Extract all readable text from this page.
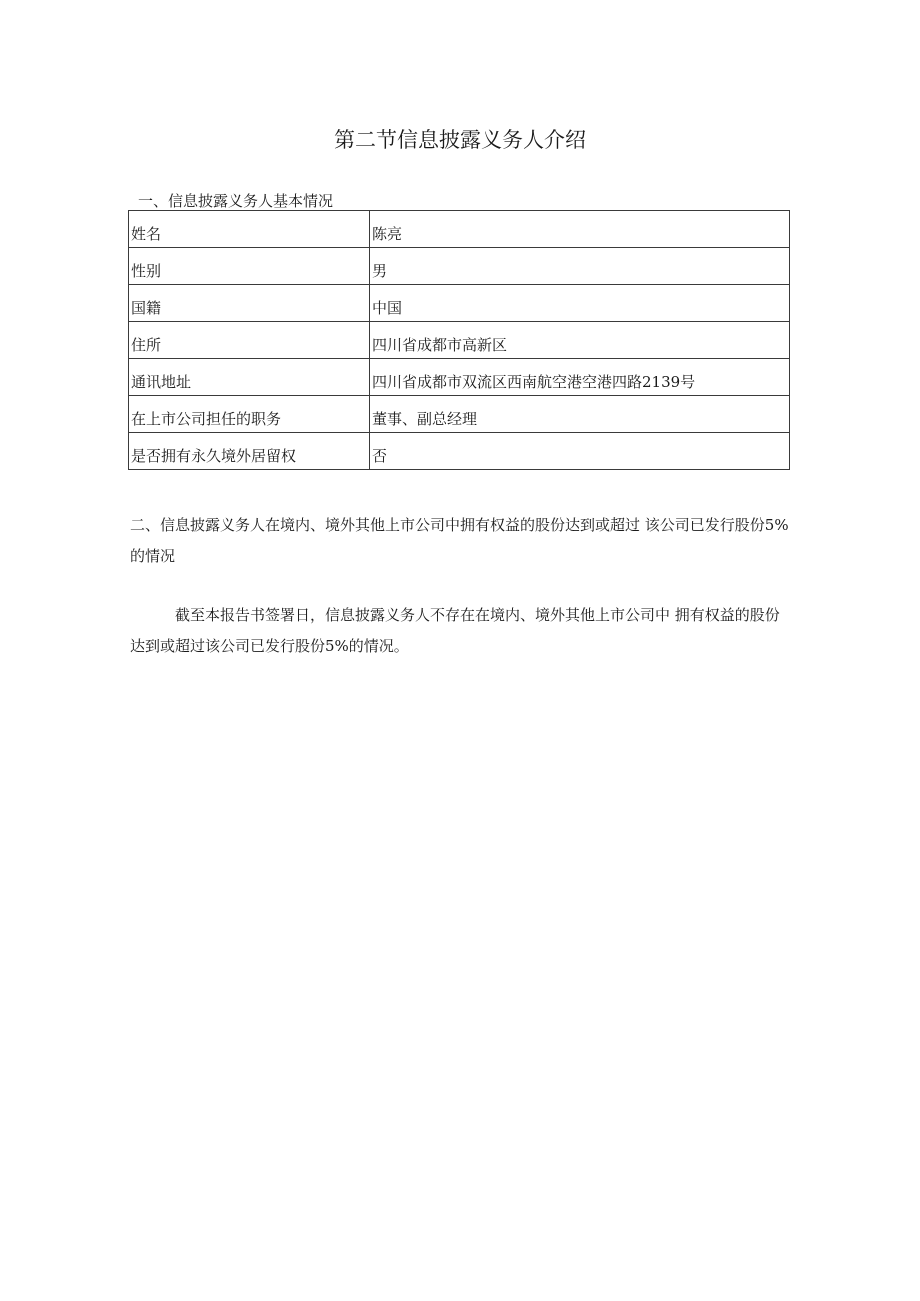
第二节信息披露义务人介绍
一、信息披露义务人基本情况
姓名	陈亮
性别	男
国籍	中国
住所	四川省成都市高新区
通讯地址	四川省成都市双流区西南航空港空港四路2139号
在上市公司担任的职务	董事、副总经理
是否拥有永久境外居留权	否
二、信息披露义务人在境内、境外其他上市公司中拥有权益的股份达到或超过 该公司已发行股份5%的情况
截至本报告书签署日，信息披露义务人不存在在境内、境外其他上市公司中 拥有权益的股份达到或超过该公司已发行股份5%的情况。
